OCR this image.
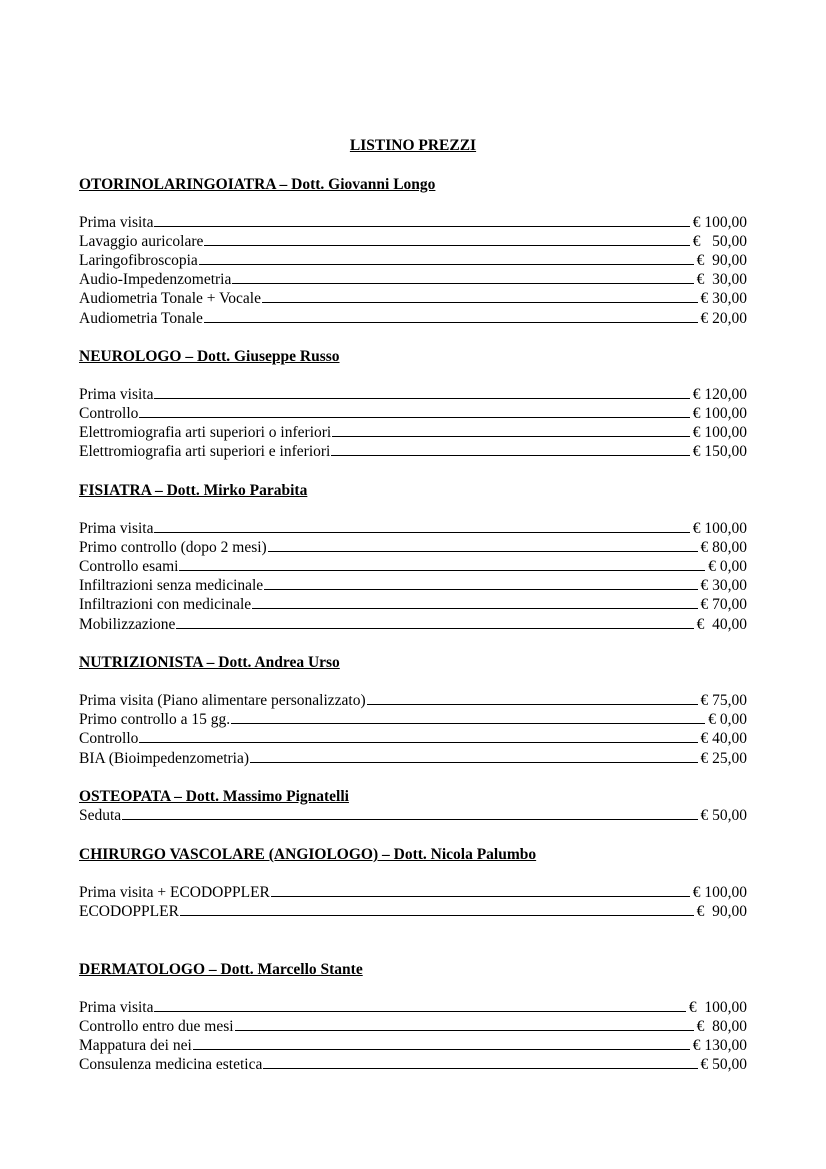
LISTINO PREZZI
OTORINOLARINGOIATRA – Dott. Giovanni Longo
Prima visita	€ 100,00
Lavaggio auricolare	€   50,00
Laringofibroscopia	€  90,00
Audio-Impedenzometria	€  30,00
Audiometria Tonale + Vocale	€ 30,00
Audiometria Tonale	€ 20,00
NEUROLOGO – Dott. Giuseppe Russo
Prima visita	€ 120,00
Controllo	€ 100,00
Elettromiografia arti superiori o inferiori	€ 100,00
Elettromiografia arti superiori e inferiori	€ 150,00
FISIATRA – Dott. Mirko Parabita
Prima visita	€ 100,00
Primo controllo (dopo 2 mesi)	€ 80,00
Controllo esami	€ 0,00
Infiltrazioni senza medicinale	€ 30,00
Infiltrazioni con medicinale	€ 70,00
Mobilizzazione	€  40,00
NUTRIZIONISTA – Dott. Andrea Urso
Prima visita (Piano alimentare personalizzato)	€ 75,00
Primo controllo a 15 gg.	€ 0,00
Controllo	€ 40,00
BIA (Bioimpedenzometria)	€ 25,00
OSTEOPATA – Dott. Massimo Pignatelli
Seduta	€ 50,00
CHIRURGO VASCOLARE (ANGIOLOGO) – Dott. Nicola Palumbo
Prima visita + ECODOPPLER	€ 100,00
ECODOPPLER	€  90,00
DERMATOLOGO – Dott. Marcello Stante
Prima visita	€  100,00
Controllo entro due mesi	€  80,00
Mappatura dei nei	€ 130,00
Consulenza medicina estetica	€ 50,00
